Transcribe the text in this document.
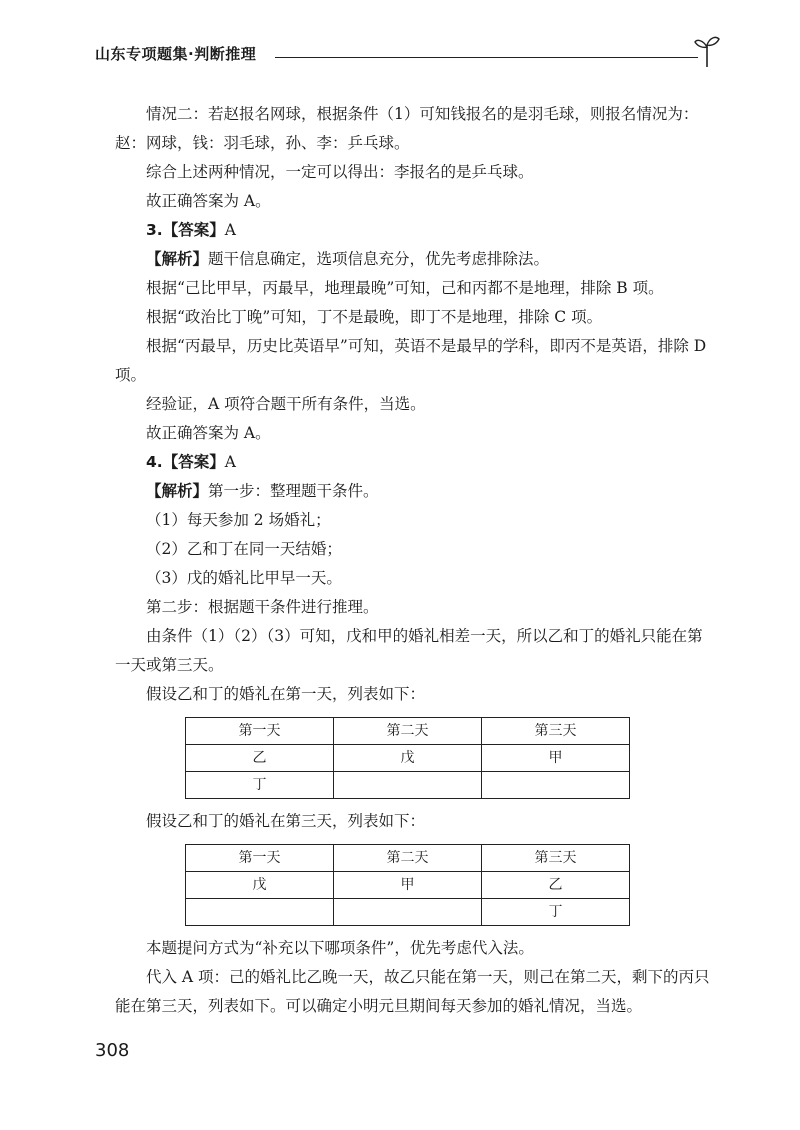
山东专项题集·判断推理

情况二：若赵报名网球，根据条件（1）可知钱报名的是羽毛球，则报名情况为：赵：网球，钱：羽毛球，孙、李：乒乓球。

综合上述两种情况，一定可以得出：李报名的是乒乓球。

故正确答案为 A。

3.【答案】A

【解析】题干信息确定，选项信息充分，优先考虑排除法。

根据“己比甲早，丙最早，地理最晚”可知，己和丙都不是地理，排除 B 项。

根据“政治比丁晚”可知，丁不是最晚，即丁不是地理，排除 C 项。

根据“丙最早，历史比英语早”可知，英语不是最早的学科，即丙不是英语，排除 D 项。

经验证，A 项符合题干所有条件，当选。

故正确答案为 A。

4.【答案】A

【解析】第一步：整理题干条件。

（1）每天参加 2 场婚礼；

（2）乙和丁在同一天结婚；

（3）戊的婚礼比甲早一天。

第二步：根据题干条件进行推理。

由条件（1）（2）（3）可知，戊和甲的婚礼相差一天，所以乙和丁的婚礼只能在第一天或第三天。

假设乙和丁的婚礼在第一天，列表如下：

第一天	第二天	第三天
乙	戊	甲
丁		

假设乙和丁的婚礼在第三天，列表如下：

第一天	第二天	第三天
戊	甲	乙
		丁

本题提问方式为“补充以下哪项条件”，优先考虑代入法。

代入 A 项：己的婚礼比乙晚一天，故乙只能在第一天，则己在第二天，剩下的丙只能在第三天，列表如下。可以确定小明元旦期间每天参加的婚礼情况，当选。

308
